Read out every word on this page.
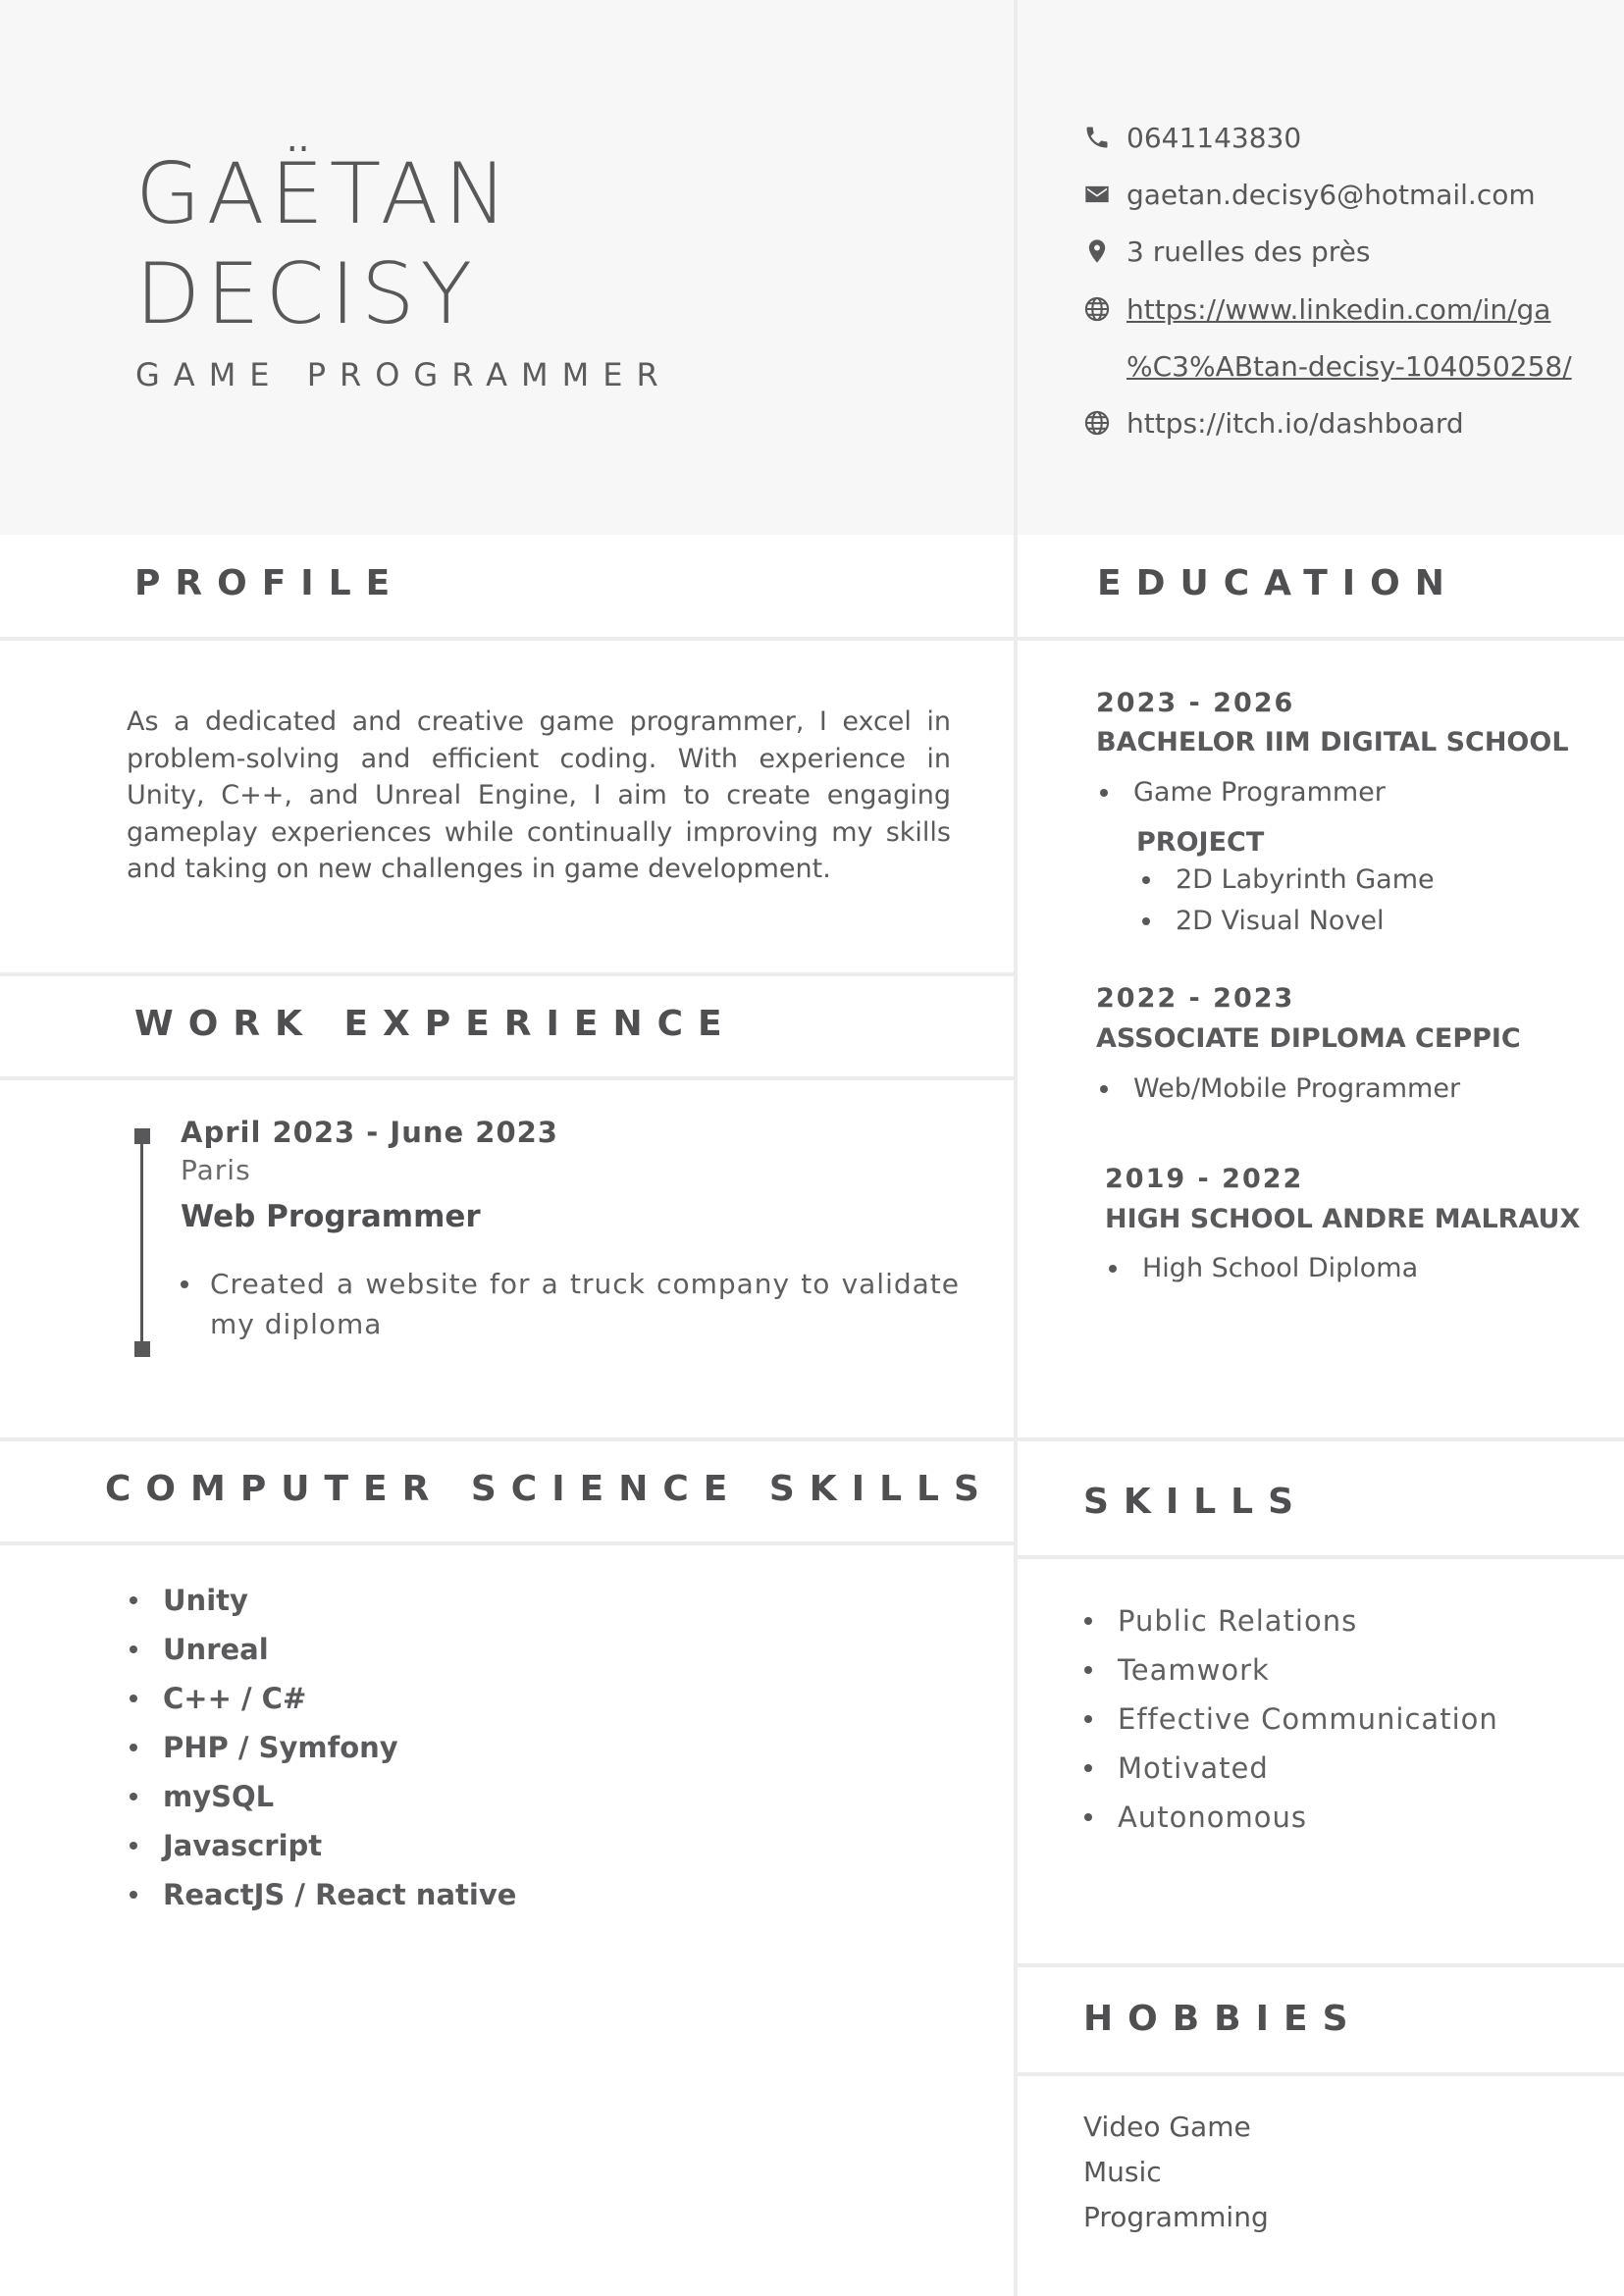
GAËTAN
DECISY
GAME PROGRAMMER
0641143830
gaetan.decisy6@hotmail.com
3 ruelles des près
https://www.linkedin.com/in/ga
%C3%ABtan-decisy-104050258/
https://itch.io/dashboard
PROFILE
As a dedicated and creative game programmer, I excel in problem-solving and efficient coding. With experience in Unity, C++, and Unreal Engine, I aim to create engaging gameplay experiences while continually improving my skills and taking on new challenges in game development.
WORK EXPERIENCE
April 2023 - June 2023
Paris
Web Programmer
Created a website for a truck company to validate my diploma
EDUCATION
2023 - 2026
BACHELOR IIM DIGITAL SCHOOL
Game Programmer
PROJECT
2D Labyrinth Game
2D Visual Novel
2022 - 2023
ASSOCIATE DIPLOMA CEPPIC
Web/Mobile Programmer
2019 - 2022
HIGH SCHOOL ANDRE MALRAUX
High School Diploma
COMPUTER SCIENCE SKILLS
Unity
Unreal
C++ / C#
PHP / Symfony
mySQL
Javascript
ReactJS / React native
SKILLS
Public Relations
Teamwork
Effective Communication
Motivated
Autonomous
HOBBIES
Video Game
Music
Programming
